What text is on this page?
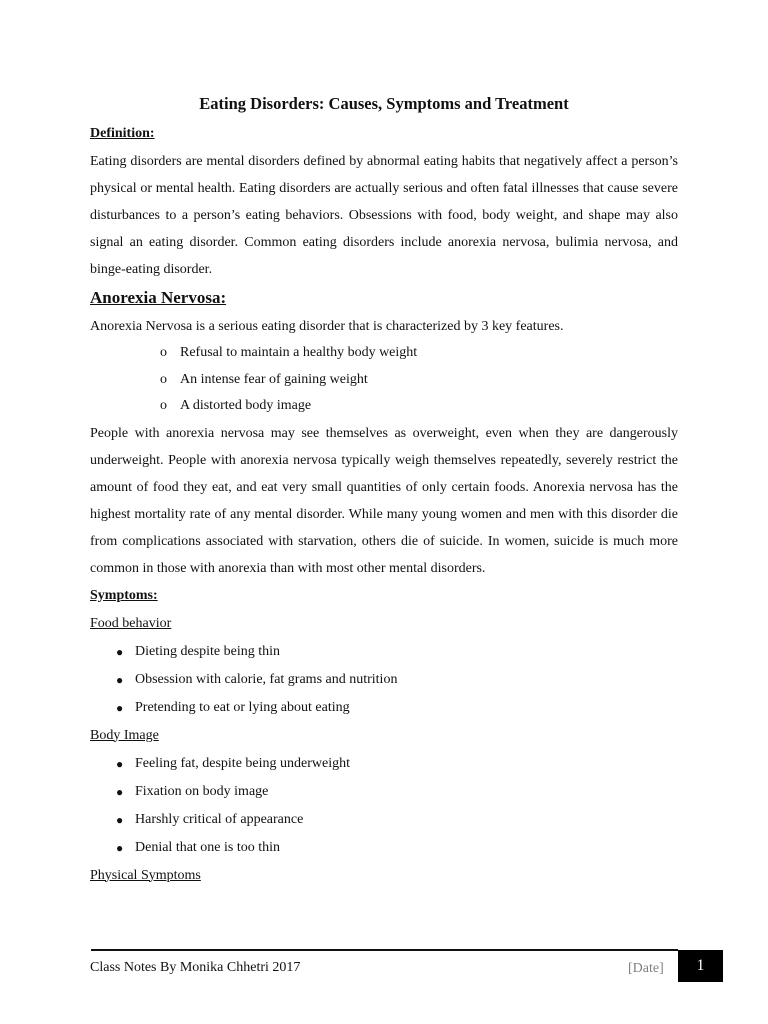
Eating Disorders: Causes, Symptoms and Treatment

Definition:

Eating disorders are mental disorders defined by abnormal eating habits that negatively affect a person’s physical or mental health. Eating disorders are actually serious and often fatal illnesses that cause severe disturbances to a person’s eating behaviors. Obsessions with food, body weight, and shape may also signal an eating disorder. Common eating disorders include anorexia nervosa, bulimia nervosa, and binge-eating disorder.

Anorexia Nervosa:

Anorexia Nervosa is a serious eating disorder that is characterized by 3 key features.

o Refusal to maintain a healthy body weight
o An intense fear of gaining weight
o A distorted body image

People with anorexia nervosa may see themselves as overweight, even when they are dangerously underweight. People with anorexia nervosa typically weigh themselves repeatedly, severely restrict the amount of food they eat, and eat very small quantities of only certain foods. Anorexia nervosa has the highest mortality rate of any mental disorder. While many young women and men with this disorder die from complications associated with starvation, others die of suicide. In women, suicide is much more common in those with anorexia than with most other mental disorders.

Symptoms:

Food behavior

● Dieting despite being thin
● Obsession with calorie, fat grams and nutrition
● Pretending to eat or lying about eating

Body Image

● Feeling fat, despite being underweight
● Fixation on body image
● Harshly critical of appearance
● Denial that one is too thin

Physical Symptoms

Class Notes By Monika Chhetri 2017	[Date]	1
